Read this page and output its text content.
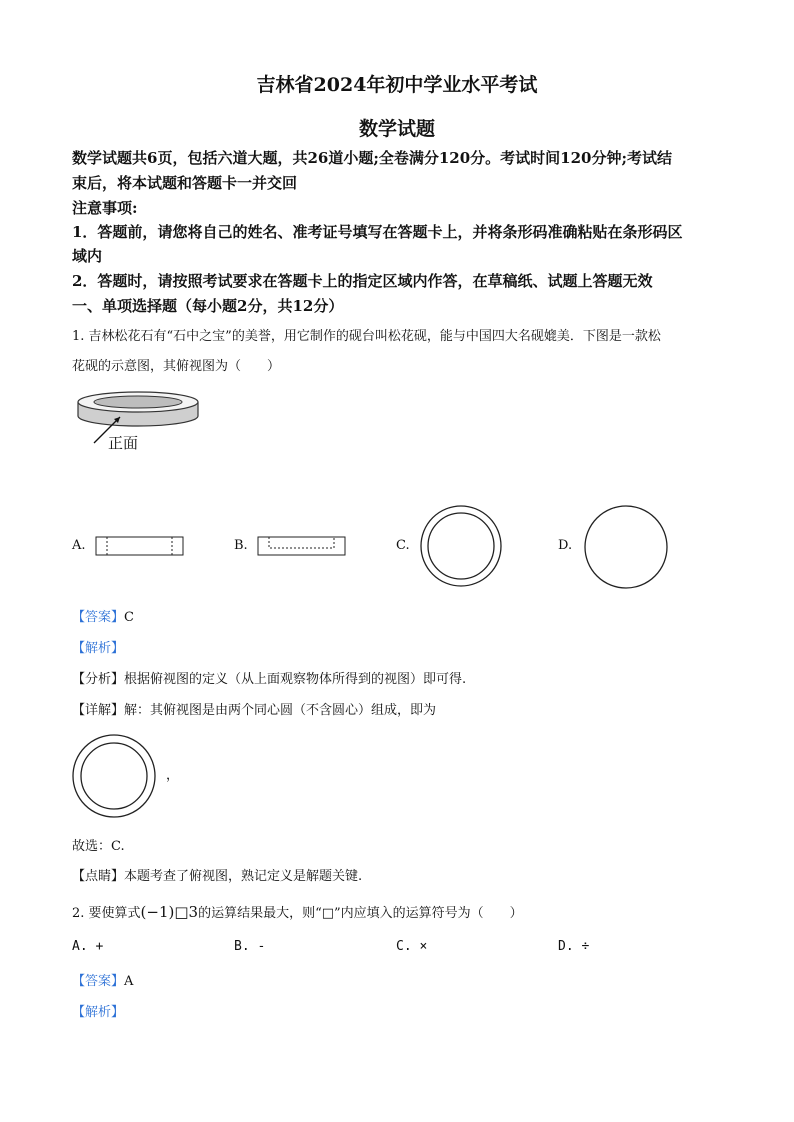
吉林省2024年初中学业水平考试
数学试题
数学试题共6页，包括六道大题，共26道小题;全卷满分120分。考试时间120分钟;考试结
束后，将本试题和答题卡一并交回
注意事项:
1．答题前，请您将自己的姓名、准考证号填写在答题卡上，并将条形码准确粘贴在条形码区
域内
2．答题时，请按照考试要求在答题卡上的指定区域内作答，在草稿纸、试题上答题无效
一、单项选择题（每小题2分，共12分）
1. 吉林松花石有“石中之宝”的美誉，用它制作的砚台叫松花砚，能与中国四大名砚媲美．下图是一款松
花砚的示意图，其俯视图为（　　）
正面
A.	B.	C.	D.
【答案】C
【解析】
【分析】根据俯视图的定义（从上面观察物体所得到的视图）即可得.
【详解】解：其俯视图是由两个同心圆（不含圆心）组成，即为
，
故选：C.
【点睛】本题考查了俯视图，熟记定义是解题关键.
2. 要使算式(−1)□3的运算结果最大，则“□”内应填入的运算符号为（　　）
A. +	B. -	C. ×	D. ÷
【答案】A
【解析】
